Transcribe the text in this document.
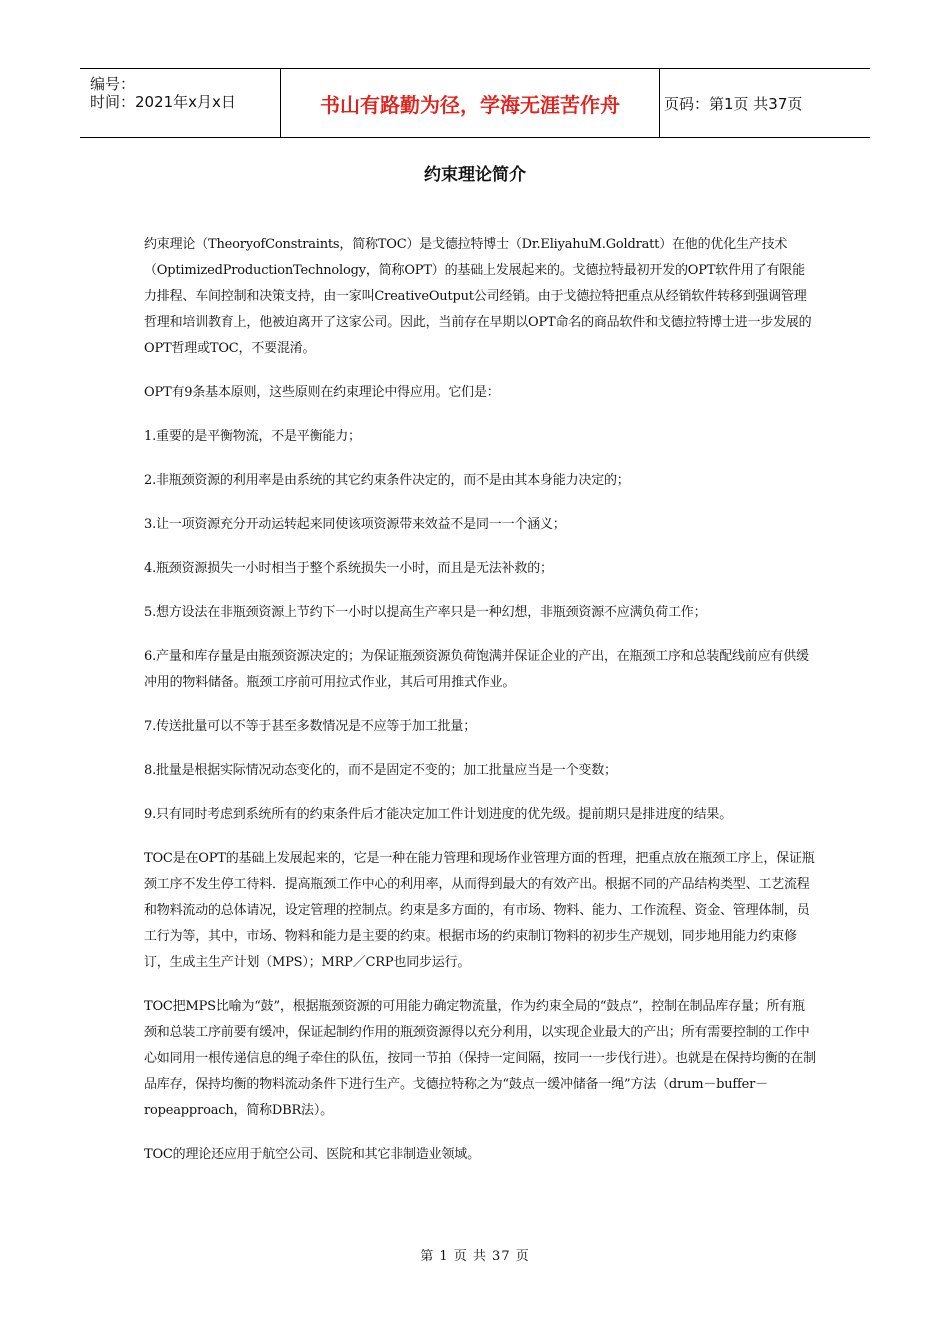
编号：
时间：2021年x月x日	书山有路勤为径，学海无涯苦作舟	页码：第1页 共37页
约束理论简介

约束理论（TheoryofConstraints，简称TOC）是戈德拉特博士（Dr.EliyahuM.Goldratt）在他的优化生产技术（OptimizedProductionTechnology，简称OPT）的基础上发展起来的。戈德拉特最初开发的OPT软件用了有限能力排程、车间控制和决策支持，由一家叫CreativeOutput公司经销。由于戈德拉特把重点从经销软件转移到强调管理哲理和培训教育上，他被迫离开了这家公司。因此，当前存在早期以OPT命名的商品软件和戈德拉特博士进一步发展的OPT哲理或TOC，不要混淆。

OPT有9条基本原则，这些原则在约束理论中得应用。它们是：

1.重要的是平衡物流，不是平衡能力；

2.非瓶颈资源的利用率是由系统的其它约束条件决定的，而不是由其本身能力决定的；

3.让一项资源充分开动运转起来同使该项资源带来效益不是同一一个涵义；

4.瓶颈资源损失一小时相当于整个系统损失一小时，而且是无法补救的；

5.想方设法在非瓶颈资源上节约下一小时以提高生产率只是一种幻想，非瓶颈资源不应满负荷工作；

6.产量和库存量是由瓶颈资源决定的；为保证瓶颈资源负荷饱满并保证企业的产出，在瓶颈工序和总装配线前应有供缓冲用的物料储备。瓶颈工序前可用拉式作业，其后可用推式作业。

7.传送批量可以不等于甚至多数情况是不应等于加工批量；

8.批量是根据实际情况动态变化的，而不是固定不变的；加工批量应当是一个变数；

9.只有同时考虑到系统所有的约束条件后才能决定加工件计划进度的优先级。提前期只是排进度的结果。

TOC是在OPT的基础上发展起来的，它是一种在能力管理和现场作业管理方面的哲理，把重点放在瓶颈工序上，保证瓶颈工序不发生停工待料．提高瓶颈工作中心的利用率，从而得到最大的有效产出。根据不同的产品结构类型、工艺流程和物料流动的总体请况，设定管理的控制点。约束是多方面的，有市场、物料、能力、工作流程、资金、管理体制，员工行为等，其中，市场、物料和能力是主要的约束。根据市场的约束制订物料的初步生产规划，同步地用能力约束修订，生成主生产计划（MPS）；MRP／CRP也同步运行。

TOC把MPS比喻为“鼓”，根据瓶颈资源的可用能力确定物流量，作为约束全局的“鼓点”，控制在制品库存量；所有瓶颈和总装工序前要有缓冲，保证起制约作用的瓶颈资源得以充分利用，以实现企业最大的产出；所有需要控制的工作中心如同用一根传递信息的绳子牵住的队伍，按同一节拍（保持一定间隔，按同一一步伐行进）。也就是在保持均衡的在制品库存，保持均衡的物料流动条件下进行生产。戈德拉特称之为“鼓点一缓冲储备一绳”方法（drum－buffer－ropeapproach，简称DBR法）。

TOC的理论还应用于航空公司、医院和其它非制造业领域。

第 1 页 共 37 页
